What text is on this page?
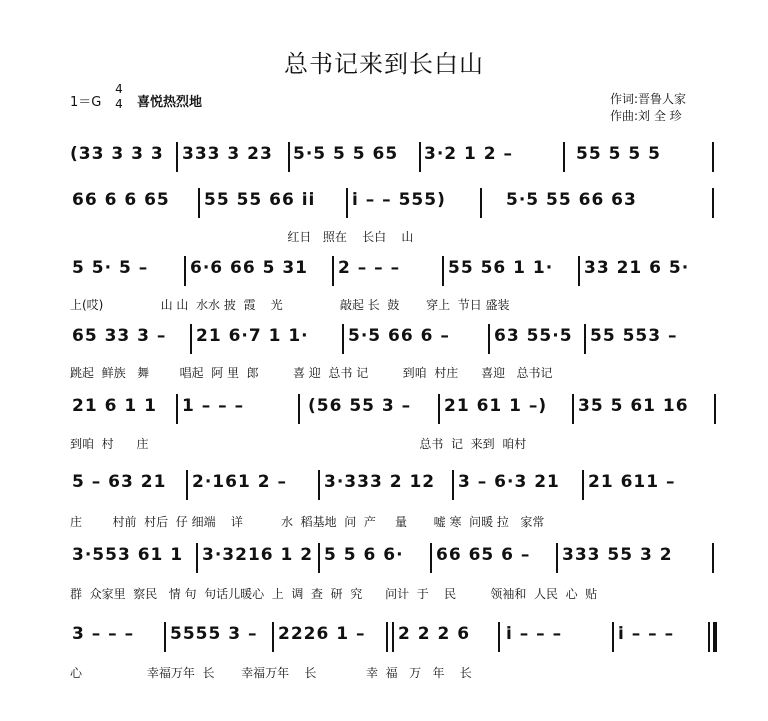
总书记来到长白山
1＝G
4
4 喜悦热烈地	作词:晋鲁人家
作曲:刘 全 珍
(33 3 3 3	333 3 23	5·5 5 5 65	3·2 1 2 –	55 5 5 5
66 6 6 65	55 55 66 i̇i̇	i̇ – – 555)	5·5 55 66 63
红日   照在    长白    山
5 5· 5 –	6·6 66 5 31	2 – – –	55 56 1 1·	33 21 6 5·
上(哎)               山 山  水水 披  霞    光               敲起 长  鼓       穿上  节日 盛装
65 33 3 –	21 6·7 1 1·	5·5 66 6 –	63 55·5	55 553 –
跳起  鲜族   舞        唱起  阿 里  郎         喜 迎  总书 记         到咱  村庄      喜迎   总书记
21 6 1 1	1 – – –	(56 55 3 –	21 61 1 –)	35 5 61 16
到咱  村      庄                                                                       总书  记  来到  咱村
5 – 63 21	2·161 2 –	3·333 2 12	3 – 6·3 21	21 611 –
庄        村前  村后  仔 细端    详          水  稻基地  问  产     量       嘘 寒  问暖 拉   家常
3·553 61 1	3·3216 1 2 5 5 6 6·	66 65 6 –	333 55 3 2
群  众家里  察民   情 句  句话儿暖心  上  调  查  研  究      问计  于    民         领袖和  人民  心  贴
3 – – –	5555 3 –	2226 1 –	2 2 2 6	i̇ – – –	i̇ – – –
心                 幸福万年  长       幸福万年    长             幸  福   万   年    长
